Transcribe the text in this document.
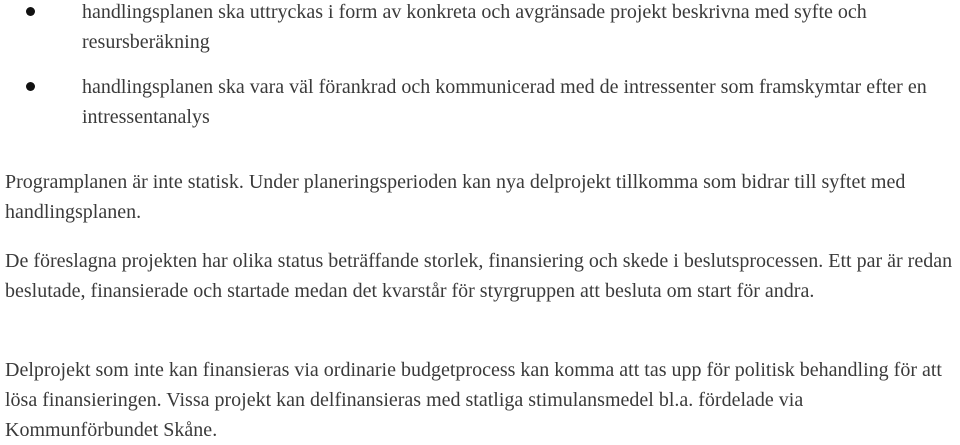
handlingsplanen ska uttryckas i form av konkreta och avgränsade projekt beskrivna med syfte och resursberäkning
handlingsplanen ska vara väl förankrad och kommunicerad med de intressenter som framskymtar efter en intressentanalys

Programplanen är inte statisk. Under planeringsperioden kan nya delprojekt tillkomma som bidrar till syftet med handlingsplanen.

De föreslagna projekten har olika status beträffande storlek, finansiering och skede i beslutsprocessen. Ett par är redan beslutade, finansierade och startade medan det kvarstår för styrgruppen att besluta om start för andra.

Delprojekt som inte kan finansieras via ordinarie budgetprocess kan komma att tas upp för politisk behandling för att lösa finansieringen. Vissa projekt kan delfinansieras med statliga stimulansmedel bl.a. fördelade via Kommunförbundet Skåne.
